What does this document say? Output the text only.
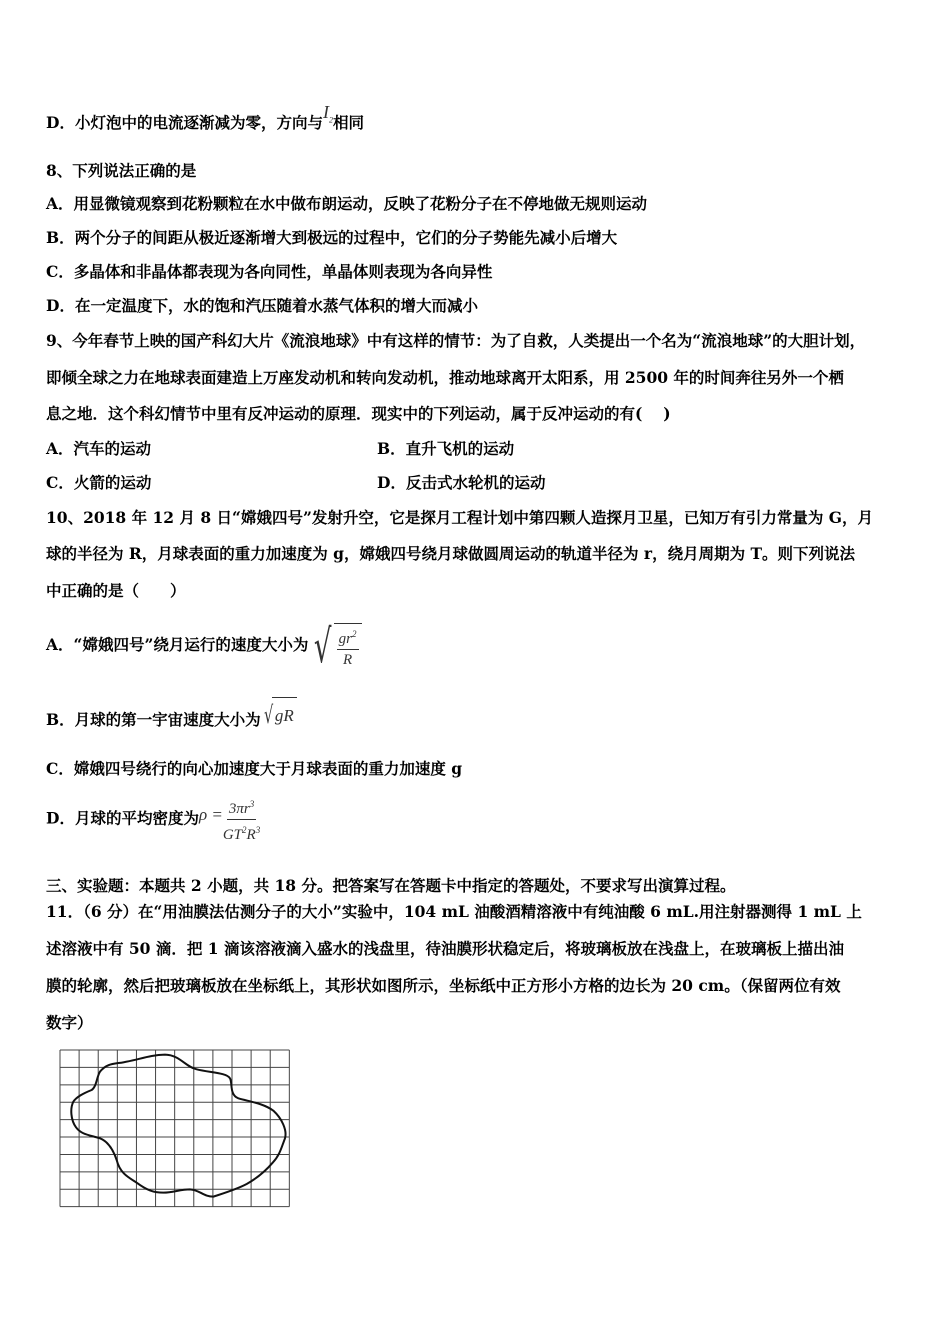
D．小灯泡中的电流逐渐减为零，方向与$I_2$相同
8、下列说法正确的是
A．用显微镜观察到花粉颗粒在水中做布朗运动，反映了花粉分子在不停地做无规则运动
B．两个分子的间距从极近逐渐增大到极远的过程中，它们的分子势能先减小后增大
C．多晶体和非晶体都表现为各向同性，单晶体则表现为各向异性
D．在一定温度下，水的饱和汽压随着水蒸气体积的增大而减小
9、今年春节上映的国产科幻大片《流浪地球》中有这样的情节：为了自救，人类提出一个名为“流浪地球”的大胆计划，
即倾全球之力在地球表面建造上万座发动机和转向发动机，推动地球离开太阳系，用 2500 年的时间奔往另外一个栖
息之地．这个科幻情节中里有反冲运动的原理．现实中的下列运动，属于反冲运动的有(　 )
A．汽车的运动	B．直升飞机的运动
C．火箭的运动	D．反击式水轮机的运动
10、2018 年 12 月 8 日“嫦娥四号”发射升空，它是探月工程计划中第四颗人造探月卫星，已知万有引力常量为 G，月
球的半径为 R，月球表面的重力加速度为 g，嫦娥四号绕月球做圆周运动的轨道半径为 r，绕月周期为 T。则下列说法
中正确的是（　　）
A．“嫦娥四号”绕月运行的速度大小为 √ $\frac{gr^2}{R}$
B．月球的第一宇宙速度大小为 √ gR
C．嫦娥四号绕行的向心加速度大于月球表面的重力加速度 g
D．月球的平均密度为$\rho = \frac{3\pi r^3}{GT^2R^3}$
三、实验题：本题共 2 小题，共 18 分。把答案写在答题卡中指定的答题处，不要求写出演算过程。
11．（6 分）在“用油膜法估测分子的大小”实验中，104 mL 油酸酒精溶液中有纯油酸 6 mL.用注射器测得 1 mL 上
述溶液中有 50 滴．把 1 滴该溶液滴入盛水的浅盘里，待油膜形状稳定后，将玻璃板放在浅盘上，在玻璃板上描出油
膜的轮廓，然后把玻璃板放在坐标纸上，其形状如图所示，坐标纸中正方形小方格的边长为 20 cm。（保留两位有效
数字）
